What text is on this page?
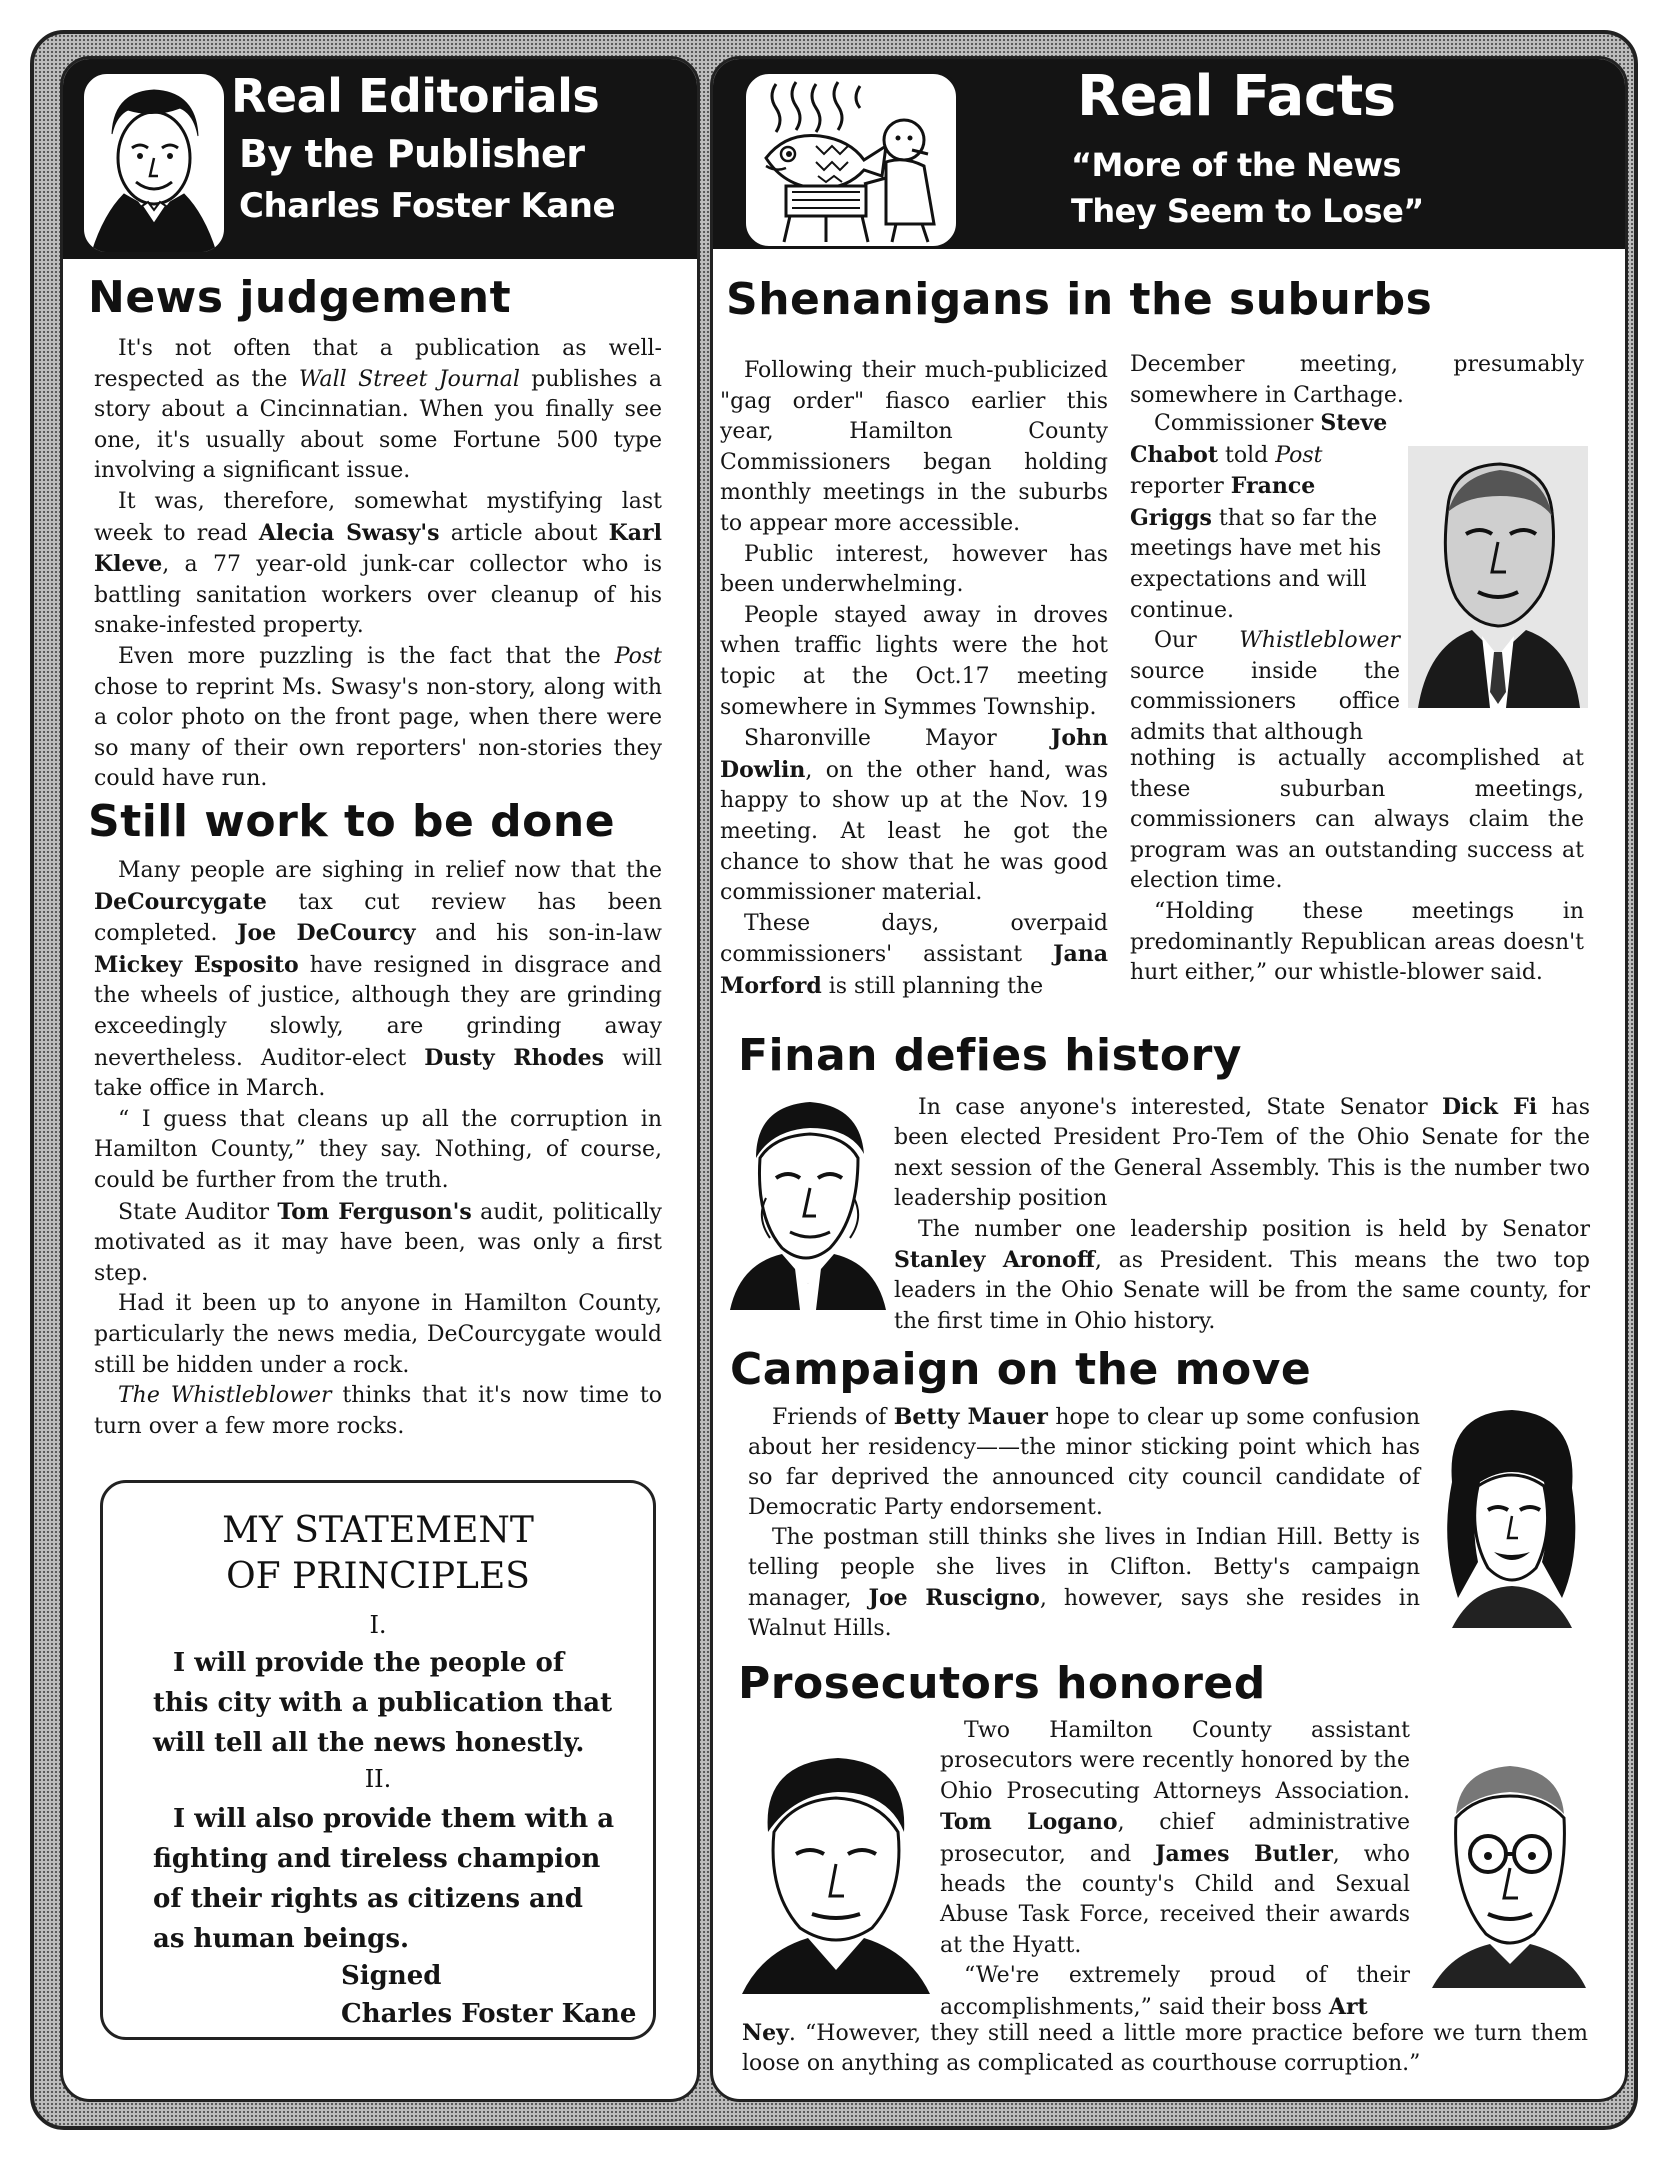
Real Editorials
By the Publisher
Charles Foster Kane
News judgement

It's not often that a publication as well-respected as the Wall Street Journal publishes a story about a Cincinnatian. When you finally see one, it's usually about some Fortune 500 type involving a significant issue.

It was, therefore, somewhat mystifying last week to read Alecia Swasy's article about Karl Kleve, a 77 year-old junk-car collector who is battling sanitation workers over cleanup of his snake-infested property.

Even more puzzling is the fact that the Post chose to reprint Ms. Swasy's non-story, along with a color photo on the front page, when there were so many of their own reporters' non-stories they could have run.

Still work to be done

Many people are sighing in relief now that the DeCourcygate tax cut review has been completed. Joe DeCourcy and his son-in-law Mickey Esposito have resigned in disgrace and the wheels of justice, although they are grinding exceedingly slowly, are grinding away nevertheless. Auditor-elect Dusty Rhodes will take office in March.

“ I guess that cleans up all the corruption in Hamilton County,” they say. Nothing, of course, could be further from the truth.

State Auditor Tom Ferguson's audit, politically motivated as it may have been, was only a first step.

Had it been up to anyone in Hamilton County, particularly the news media, DeCourcygate would still be hidden under a rock.

The Whistleblower thinks that it's now time to turn over a few more rocks.

MY STATEMENT
OF PRINCIPLES
I.
I will provide the people of this city with a publication that will tell all the news honestly.
II.
I will also provide them with a fighting and tireless champion of their rights as citizens and as human beings.
Signed
Charles Foster Kane
Real Facts
“More of the News
They Seem to Lose”
Shenanigans in the suburbs

Following their much-publicized "gag order" fiasco earlier this year, Hamilton County Commissioners began holding monthly meetings in the suburbs to appear more accessible.

Public interest, however has been underwhelming.

People stayed away in droves when traffic lights were the hot topic at the Oct.17 meeting somewhere in Symmes Township.

Sharonville Mayor John Dowlin, on the other hand, was happy to show up at the Nov. 19 meeting. At least he got the chance to show that he was good commissioner material.

These days, overpaid commissioners' assistant Jana Morford is still planning the

December meeting, presumably somewhere in Carthage.

Commissioner Steve Chabot told Post reporter France Griggs that so far the meetings have met his expectations and will continue.

Our Whistleblower source inside the commissioners office admits that although

nothing is actually accomplished at these suburban meetings, commissioners can always claim the program was an outstanding success at election time.

“Holding these meetings in predominantly Republican areas doesn't hurt either,” our whistle-blower said.

Finan defies history

In case anyone's interested, State Senator Dick Fi has been elected President Pro-Tem of the Ohio Senate for the next session of the General Assembly. This is the number two leadership position

The number one leadership position is held by Senator Stanley Aronoff, as President. This means the two top leaders in the Ohio Senate will be from the same county, for the first time in Ohio history.

Campaign on the move

Friends of Betty Mauer hope to clear up some confusion about her residency——the minor sticking point which has so far deprived the announced city council candidate of Democratic Party endorsement.

The postman still thinks she lives in Indian Hill. Betty is telling people she lives in Clifton. Betty's campaign manager, Joe Ruscigno, however, says she resides in Walnut Hills.

Prosecutors honored

Two Hamilton County assistant prosecutors were recently honored by the Ohio Prosecuting Attorneys Association. Tom Logano, chief administrative prosecutor, and James Butler, who heads the county's Child and Sexual Abuse Task Force, received their awards at the Hyatt.

“We're extremely proud of their accomplishments,” said their boss Art

Ney. “However, they still need a little more practice before we turn them loose on anything as complicated as courthouse corruption.”
